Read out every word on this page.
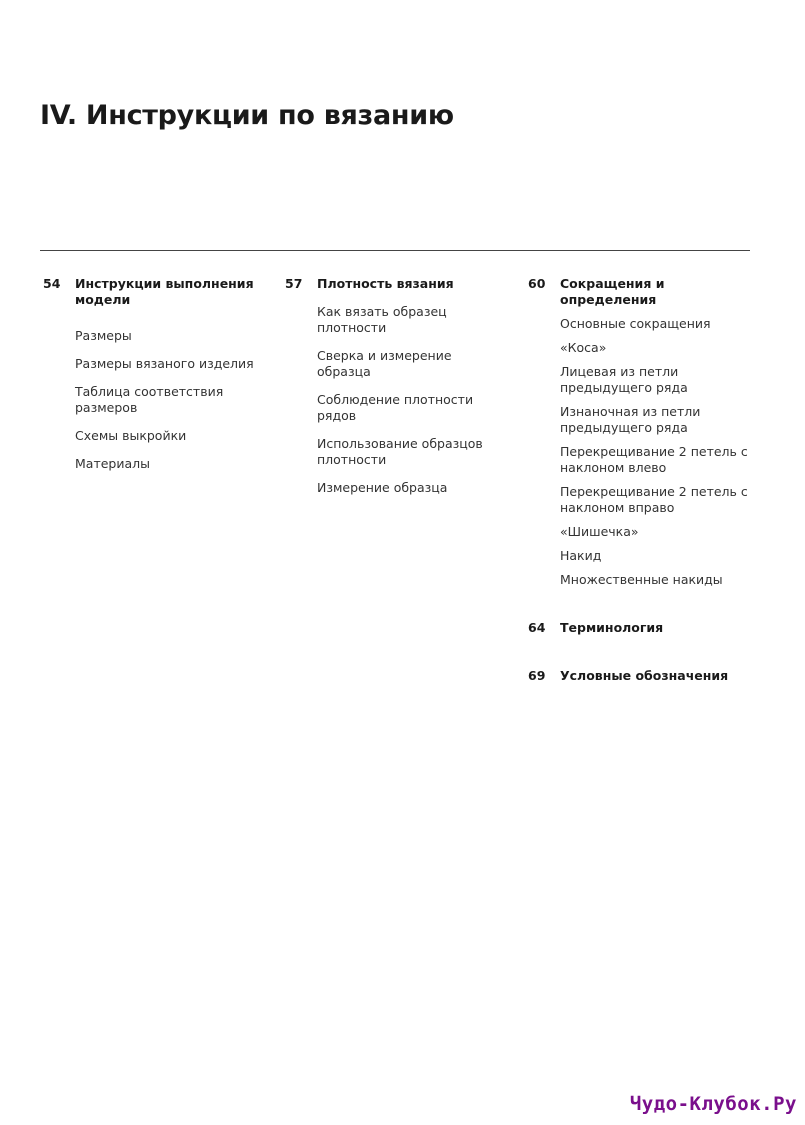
IV. Инструкции по вязанию
54 Инструкции выполнения модели
Размеры
Размеры вязаного изделия
Таблица соответствия размеров
Схемы выкройки
Материалы
57 Плотность вязания
Как вязать образец плотности
Сверка и измерение образца
Соблюдение плотности рядов
Использование образцов плотности
Измерение образца
60 Сокращения и определения
Основные сокращения
«Коса»
Лицевая из петли предыдущего ряда
Изнаночная из петли предыдущего ряда
Перекрещивание 2 петель с наклоном влево
Перекрещивание 2 петель с наклоном вправо
«Шишечка»
Накид
Множественные накиды
64 Терминология
69 Условные обозначения
Чудо-Клубок.Ру
